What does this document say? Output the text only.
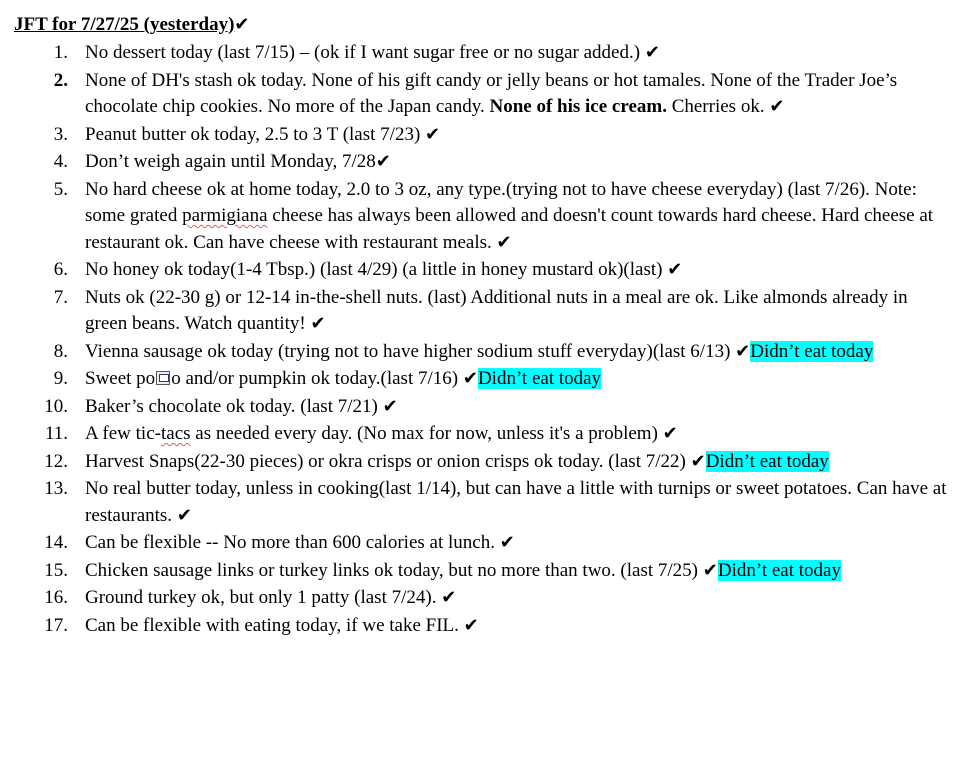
JFT for 7/27/25 (yesterday)✔
1. No dessert today (last 7/15) – (ok if I want sugar free or no sugar added.) ✔
2. None of DH's stash ok today. None of his gift candy or jelly beans or hot tamales. None of the Trader Joe’s chocolate chip cookies. No more of the Japan candy. None of his ice cream. Cherries ok. ✔
3. Peanut butter ok today, 2.5 to 3 T (last 7/23) ✔
4. Don’t weigh again until Monday, 7/28✔
5. No hard cheese ok at home today, 2.0 to 3 oz, any type.(trying not to have cheese everyday) (last 7/26). Note: some grated parmigiana cheese has always been allowed and doesn't count towards hard cheese. Hard cheese at restaurant ok. Can have cheese with restaurant meals. ✔
6. No honey ok today(1-4 Tbsp.) (last 4/29) (a little in honey mustard ok)(last) ✔
7. Nuts ok (22-30 g) or 12-14 in-the-shell nuts. (last) Additional nuts in a meal are ok. Like almonds already in green beans. Watch quantity! ✔
8. Vienna sausage ok today (trying not to have higher sodium stuff everyday)(last 6/13) ✔Didn’t eat today
9. Sweet po o and/or pumpkin ok today.(last 7/16) ✔Didn’t eat today
10. Baker’s chocolate ok today. (last 7/21) ✔
11. A few tic-tacs as needed every day. (No max for now, unless it's a problem) ✔
12. Harvest Snaps(22-30 pieces) or okra crisps or onion crisps ok today. (last 7/22) ✔Didn’t eat today
13. No real butter today, unless in cooking(last 1/14), but can have a little with turnips or sweet potatoes. Can have at restaurants. ✔
14. Can be flexible -- No more than 600 calories at lunch. ✔
15. Chicken sausage links or turkey links ok today, but no more than two. (last 7/25) ✔Didn’t eat today
16. Ground turkey ok, but only 1 patty (last 7/24). ✔
17. Can be flexible with eating today, if we take FIL. ✔
